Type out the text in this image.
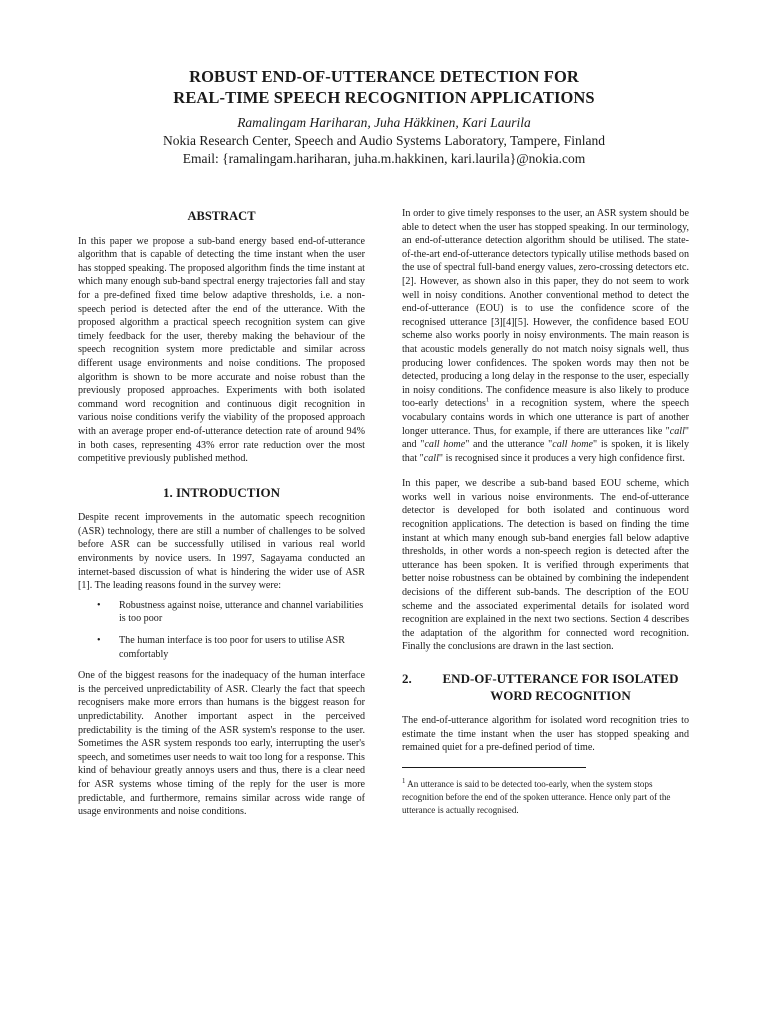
ROBUST END-OF-UTTERANCE DETECTION FOR
REAL-TIME SPEECH RECOGNITION APPLICATIONS
Ramalingam Hariharan, Juha Häkkinen, Kari Laurila
Nokia Research Center, Speech and Audio Systems Laboratory, Tampere, Finland
Email: {ramalingam.hariharan, juha.m.hakkinen, kari.laurila}@nokia.com
ABSTRACT

In this paper we propose a sub-band energy based end-of-utterance algorithm that is capable of detecting the time instant when the user has stopped speaking. The proposed algorithm finds the time instant at which many enough sub-band spectral energy trajectories fall and stay for a pre-defined fixed time below adaptive thresholds, i.e. a non-speech period is detected after the end of the utterance. With the proposed algorithm a practical speech recognition system can give timely feedback for the user, thereby making the behaviour of the speech recognition system more predictable and similar across different usage environments and noise conditions. The proposed algorithm is shown to be more accurate and noise robust than the previously proposed approaches. Experiments with both isolated command word recognition and continuous digit recognition in various noise conditions verify the viability of the proposed approach with an average proper end-of-utterance detection rate of around 94% in both cases, representing 43% error rate reduction over the most competitive previously published method.

1. INTRODUCTION

Despite recent improvements in the automatic speech recognition (ASR) technology, there are still a number of challenges to be solved before ASR can be successfully utilised in various real world environments by novice users. In 1997, Sagayama conducted an internet-based discussion of what is hindering the wider use of ASR [1]. The leading reasons found in the survey were:

• Robustness against noise, utterance and channel variabilities is too poor
• The human interface is too poor for users to utilise ASR comfortably

One of the biggest reasons for the inadequacy of the human interface is the perceived unpredictability of ASR. Clearly the fact that speech recognisers make more errors than humans is the biggest reason for unpredictability. Another important aspect in the perceived predictability is the timing of the ASR system's response to the user. Sometimes the ASR system responds too early, interrupting the user's speech, and sometimes user needs to wait too long for a response. This kind of behaviour greatly annoys users and thus, there is a clear need for ASR systems whose timing of the reply for the user is more predictable, and furthermore, remains similar across wide range of usage environments and noise conditions.

In order to give timely responses to the user, an ASR system should be able to detect when the user has stopped speaking. In our terminology, an end-of-utterance detection algorithm should be utilised. The state-of-the-art end-of-utterance detectors typically utilise methods based on the use of spectral full-band energy values, zero-crossing detectors etc. [2]. However, as shown also in this paper, they do not seem to work well in noisy conditions. Another conventional method to detect the end-of-utterance (EOU) is to use the confidence score of the recognised utterance [3][4][5]. However, the confidence based EOU scheme also works poorly in noisy environments. The main reason is that acoustic models generally do not match noisy signals well, thus producing lower confidences. The spoken words may then not be detected, producing a long delay in the response to the user, especially in noisy conditions. The confidence measure is also likely to produce too-early detections$^1$ in a recognition system, where the speech vocabulary contains words in which one utterance is part of another longer utterance. Thus, for example, if there are utterances like "call" and "call home" and the utterance "call home" is spoken, it is likely that "call" is recognised since it produces a very high confidence first.

In this paper, we describe a sub-band based EOU scheme, which works well in various noise environments. The end-of-utterance detector is developed for both isolated and continuous word recognition applications. The detection is based on finding the time instant at which many enough sub-band energies fall below adaptive thresholds, in other words a non-speech region is detected after the utterance has been spoken. It is verified through experiments that better noise robustness can be obtained by combining the independent decisions of the different sub-bands. The description of the EOU scheme and the associated experimental details for isolated word recognition are explained in the next two sections. Section 4 describes the adaptation of the algorithm for connected word recognition. Finally the conclusions are drawn in the last section.

2.	END-OF-UTTERANCE FOR ISOLATED WORD RECOGNITION

The end-of-utterance algorithm for isolated word recognition tries to estimate the time instant when the user has stopped speaking and remained quiet for a pre-defined period of time.

$^1$ An utterance is said to be detected too-early, when the system stops recognition before the end of the spoken utterance. Hence only part of the utterance is actually recognised.
